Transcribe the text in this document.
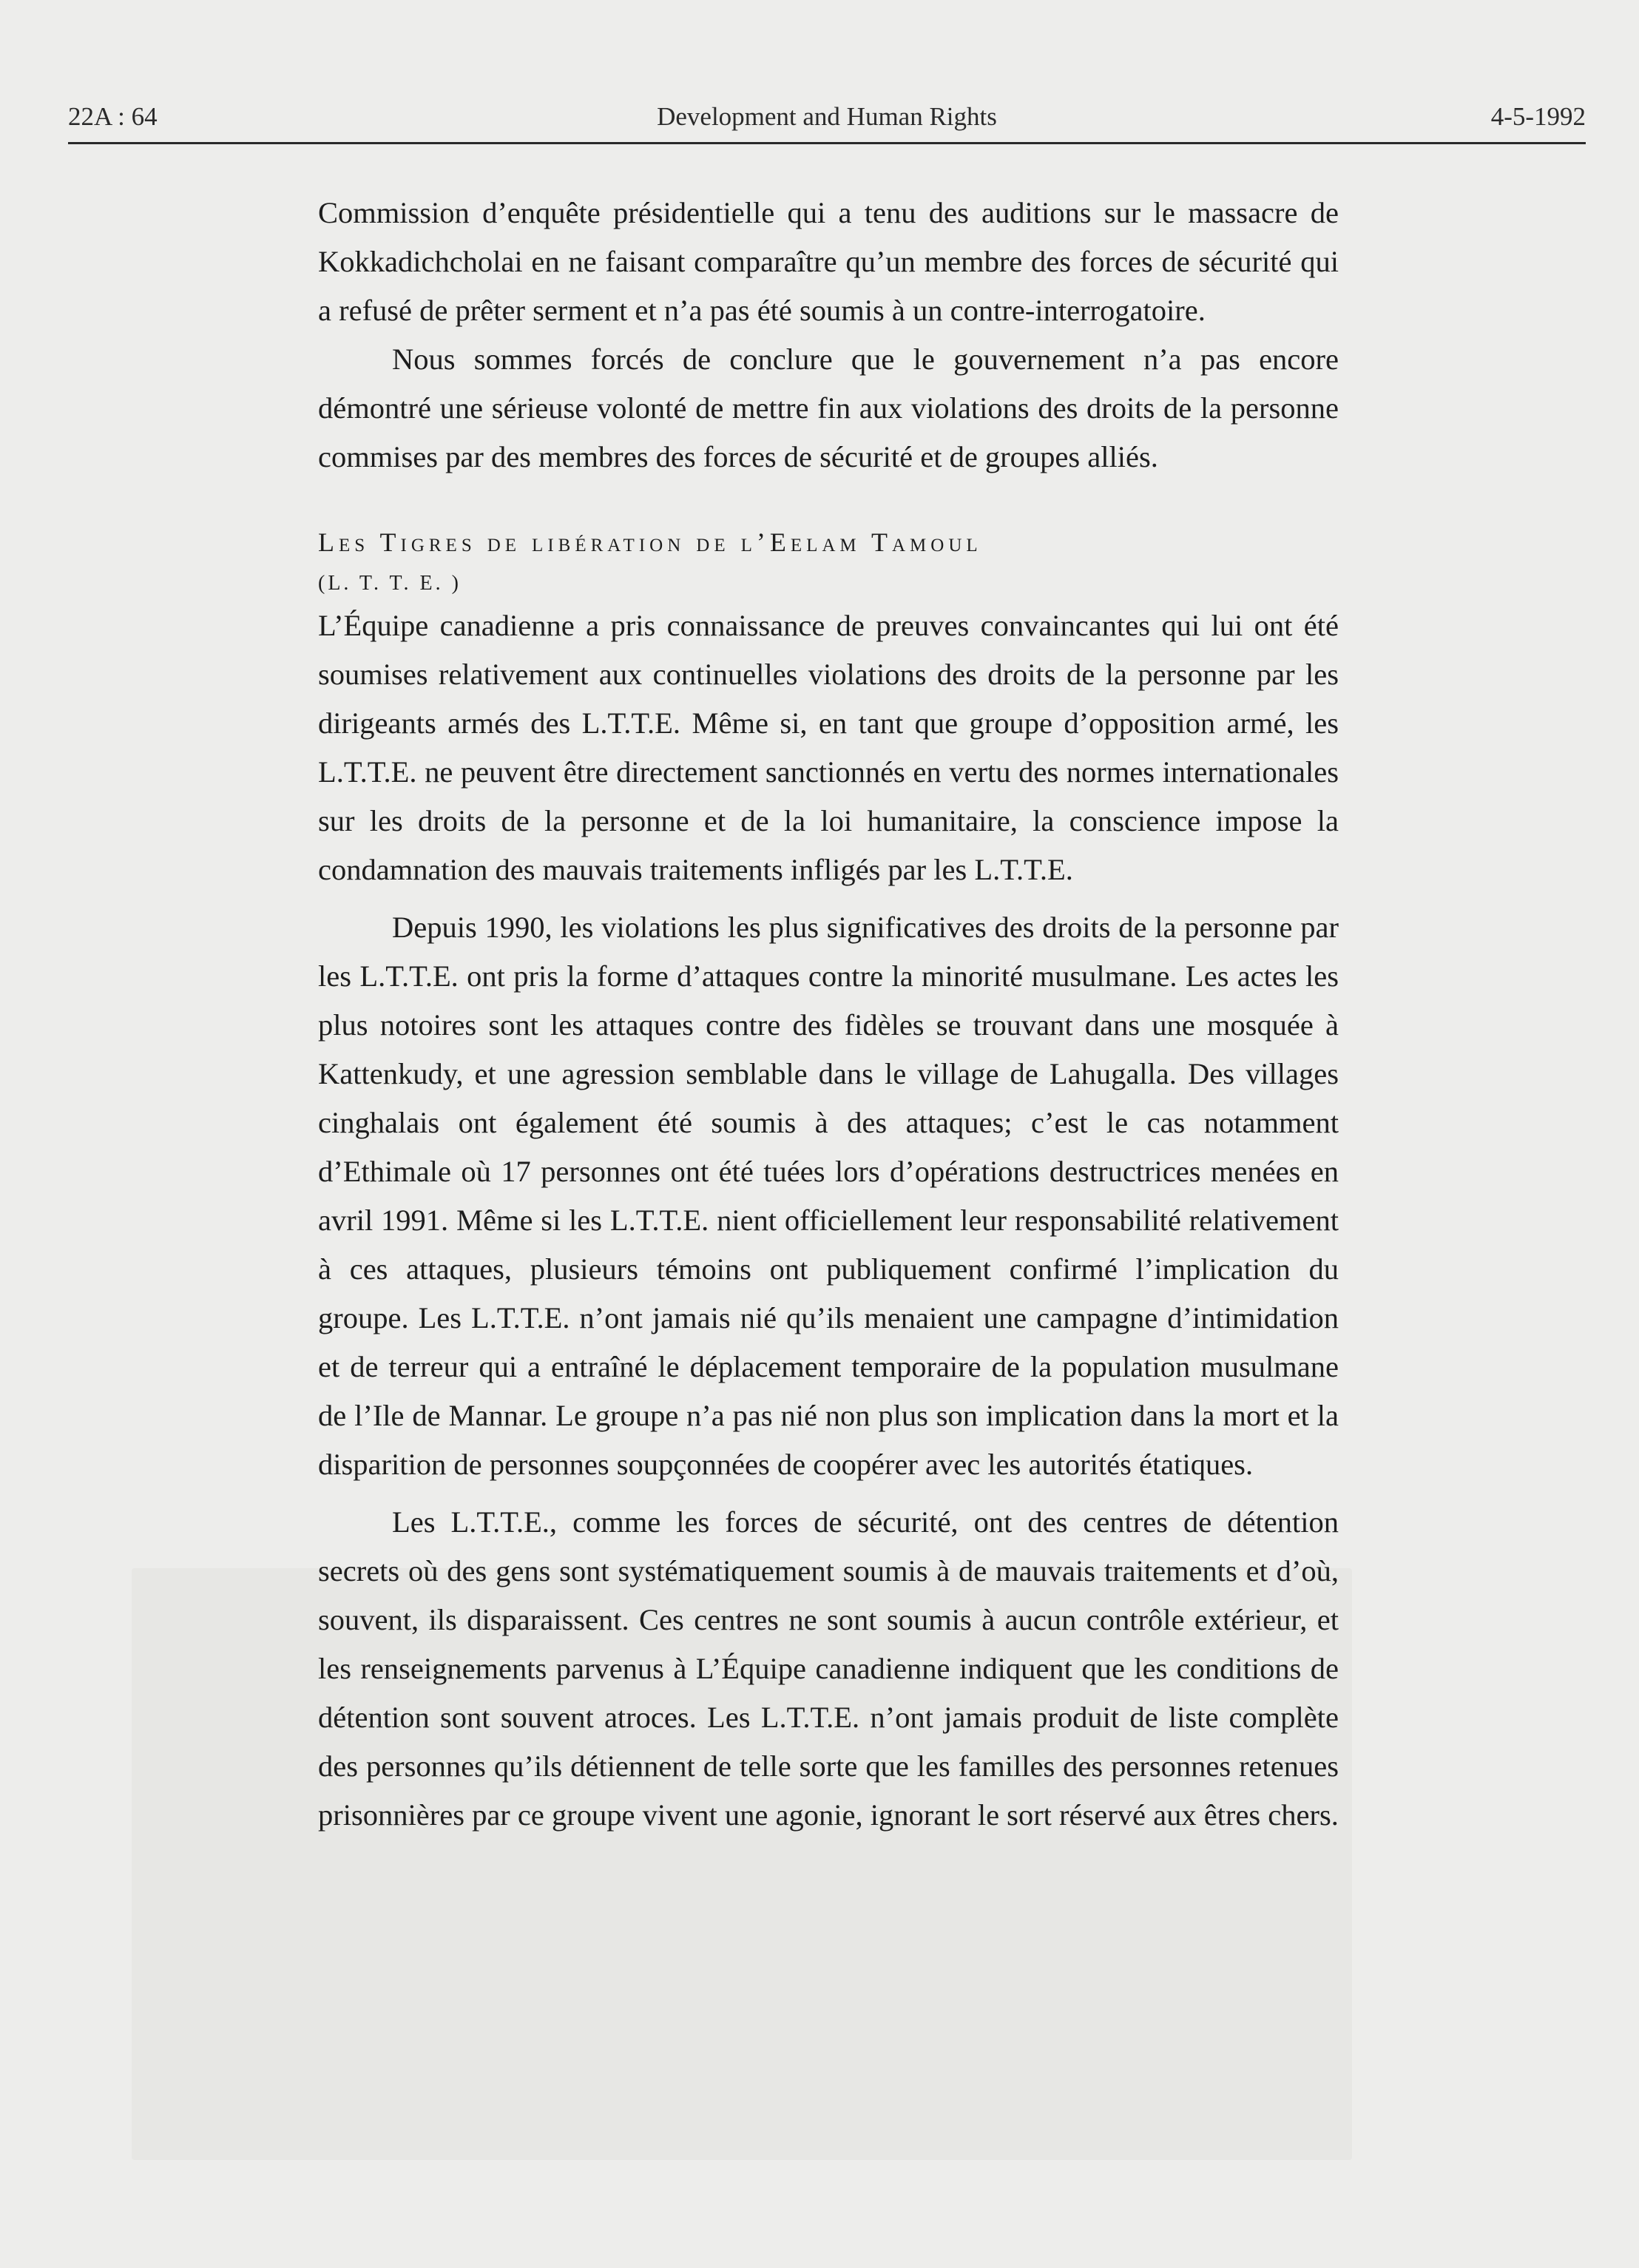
22A : 64	Development and Human Rights	4-5-1992

Commission d’enquête présidentielle qui a tenu des auditions sur le massacre de Kokkadichcholai en ne faisant comparaître qu’un membre des forces de sécurité qui a refusé de prêter serment et n’a pas été soumis à un contre-interrogatoire.

Nous sommes forcés de conclure que le gouvernement n’a pas encore démontré une sérieuse volonté de mettre fin aux violations des droits de la personne commises par des membres des forces de sécurité et de groupes alliés.

Les Tigres de libération de l’Eelam Tamoul
(L. T. T. E. )

L’Équipe canadienne a pris connaissance de preuves convaincantes qui lui ont été soumises relativement aux continuelles violations des droits de la personne par les dirigeants armés des L.T.T.E. Même si, en tant que groupe d’opposition armé, les L.T.T.E. ne peuvent être directement sanctionnés en vertu des normes internationales sur les droits de la personne et de la loi humanitaire, la conscience impose la condamnation des mauvais traitements infligés par les L.T.T.E.

Depuis 1990, les violations les plus significatives des droits de la personne par les L.T.T.E. ont pris la forme d’attaques contre la minorité musulmane. Les actes les plus notoires sont les attaques contre des fidèles se trouvant dans une mosquée à Kattenkudy, et une agression semblable dans le village de Lahugalla. Des villages cinghalais ont également été soumis à des attaques; c’est le cas notamment d’Ethimale où 17 personnes ont été tuées lors d’opérations destructrices menées en avril 1991. Même si les L.T.T.E. nient officiellement leur responsabilité relativement à ces attaques, plusieurs témoins ont publiquement confirmé l’implication du groupe. Les L.T.T.E. n’ont jamais nié qu’ils menaient une campagne d’intimidation et de terreur qui a entraîné le déplacement temporaire de la population musulmane de l’Ile de Mannar. Le groupe n’a pas nié non plus son implication dans la mort et la disparition de personnes soupçonnées de coopérer avec les autorités étatiques.

Les L.T.T.E., comme les forces de sécurité, ont des centres de détention secrets où des gens sont systématiquement soumis à de mauvais traitements et d’où, souvent, ils disparaissent. Ces centres ne sont soumis à aucun contrôle extérieur, et les renseignements parvenus à L’Équipe canadienne indiquent que les conditions de détention sont souvent atroces. Les L.T.T.E. n’ont jamais produit de liste complète des personnes qu’ils détiennent de telle sorte que les familles des personnes retenues prisonnières par ce groupe vivent une agonie, ignorant le sort réservé aux êtres chers.
